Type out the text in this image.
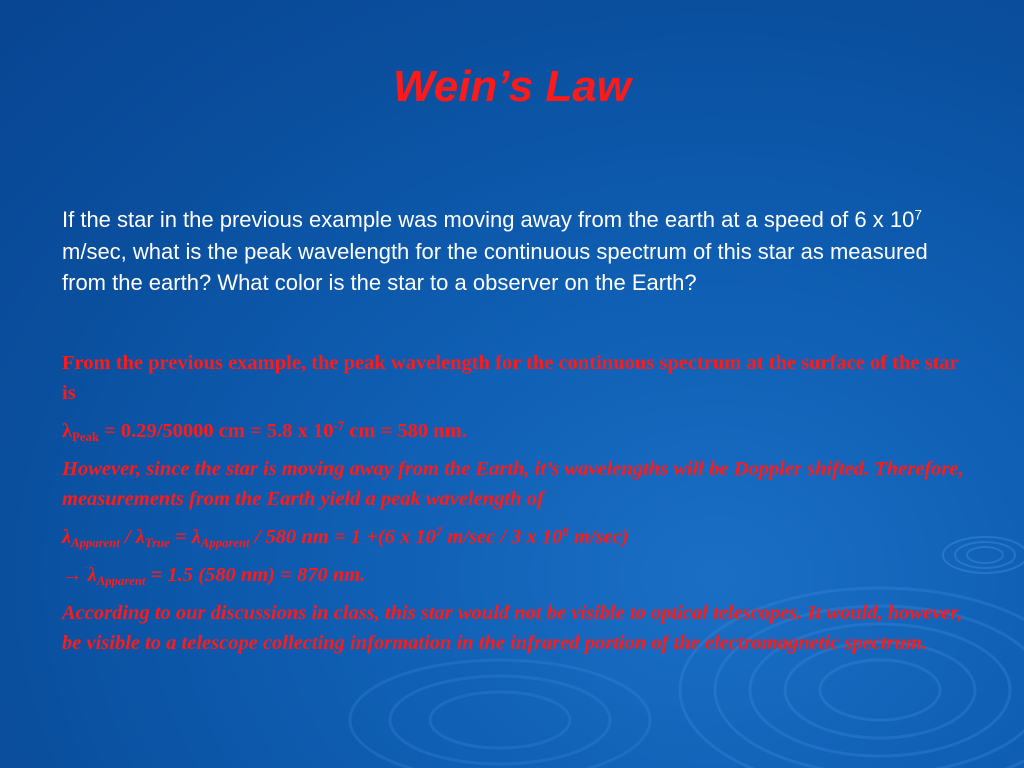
Wein’s Law

If the star in the previous example was moving away from the earth at a speed of 6 x $10^7$ m/sec, what is the peak wavelength for the continuous spectrum of this star as measured from the earth? What color is the star to a observer on the Earth?

From the previous example, the peak wavelength for the continuous spectrum at the surface of the star is

$\lambda_{Peak} = 0.29/50000$ cm = 5.8 x $10^{-7}$ cm = 580 nm.

However, since the star is moving away from the Earth, it’s wavelengths will be Doppler shifted. Therefore, measurements from the Earth yield a peak wavelength of

$\lambda_{Apparent} / \lambda_{True} = \lambda_{Apparent} / 580$ nm = 1 +(6 x $10^7$ m/sec / 3 x $10^8$ m/sec)

→ $\lambda_{Apparent} = 1.5$ (580 nm) = 870 nm.

According to our discussions in class, this star would not be visible to optical telescopes. It would, however, be visible to a telescope collecting information in the infrared portion of the electromagnetic spectrum.
